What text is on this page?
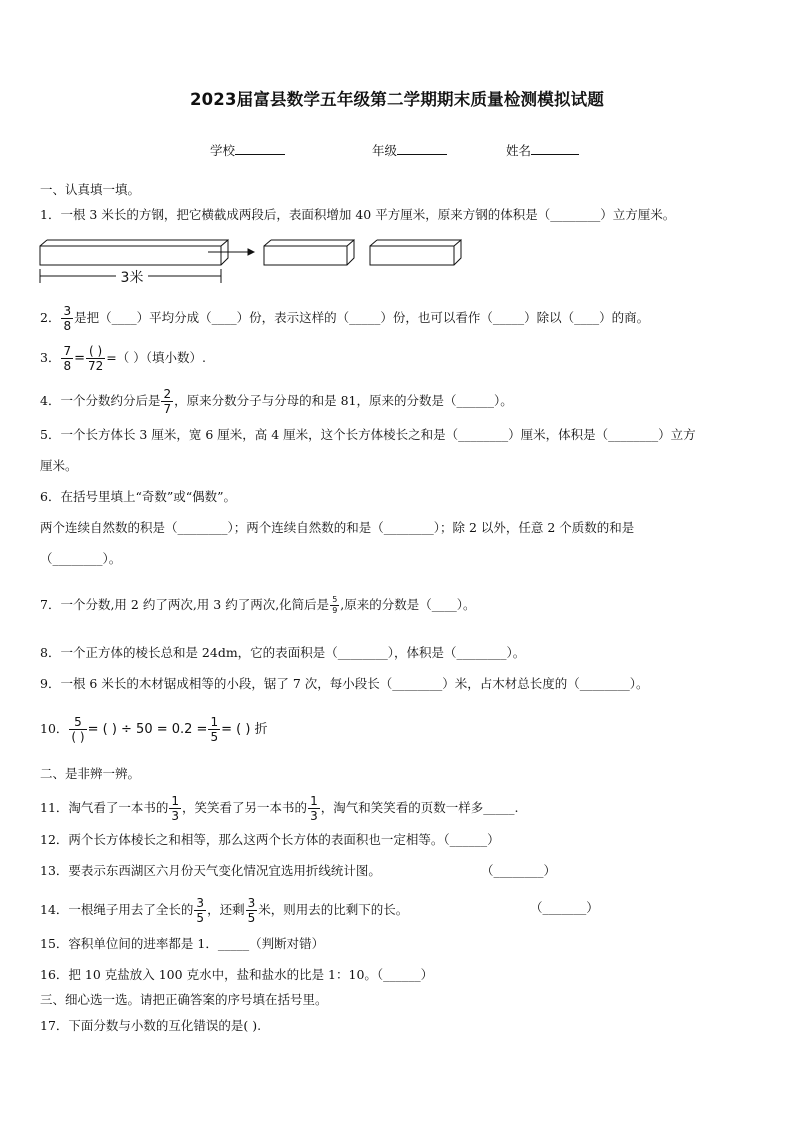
2023届富县数学五年级第二学期期末质量检测模拟试题
学校	年级	姓名
一、认真填一填。
1．一根 3 米长的方钢，把它横截成两段后，表面积增加 40 平方厘米，原来方钢的体积是（________）立方厘米。
3米
2． $\frac{3}{8}$ 是把（____）平均分成（____）份，表示这样的（_____）份，也可以看作（_____）除以（____）的商。
3． $\frac{7}{8} = \frac{( )}{72}$ =（ ）（填小数）.
4．一个分数约分后是 $\frac{2}{7}$ ，原来分数分子与分母的和是 81，原来的分数是（______）。
5．一个长方体长 3 厘米，宽 6 厘米，高 4 厘米，这个长方体棱长之和是（________）厘米，体积是（________）立方
厘米。
6．在括号里填上“奇数”或“偶数”。
两个连续自然数的积是（________）；两个连续自然数的和是（________）；除 2 以外，任意 2 个质数的和是
（________）。
7．一个分数,用 2 约了两次,用 3 约了两次,化简后是 $\frac{5}{9}$ ,原来的分数是（____）。
8．一个正方体的棱长总和是 24dm，它的表面积是（________），体积是（________）。
9．一根 6 米长的木材锯成相等的小段，锯了 7 次，每小段长（________）米，占木材总长度的（________）。
10． $\frac{5}{( )}$ = ( ) ÷ $50 = 0.2 = \frac{1}{5}$ = ( ) 折
二、是非辨一辨。
11．淘气看了一本书的 $\frac{1}{3}$ ，笑笑看了另一本书的 $\frac{1}{3}$ ，淘气和笑笑看的页数一样多_____.
12．两个长方体棱长之和相等，那么这两个长方体的表面积也一定相等。（______）
13．要表示东西湖区六月份天气变化情况宜选用折线统计图。	（________）
14．一根绳子用去了全长的 $\frac{3}{5}$ ，还剩 $\frac{3}{5}$ 米，则用去的比剩下的长。	（_______）
15．容积单位间的进率都是 1．_____（判断对错）
16．把 10 克盐放入 100 克水中，盐和盐水的比是 1：10。（______）
三、细心选一选。请把正确答案的序号填在括号里。
17．下面分数与小数的互化错误的是( ).
